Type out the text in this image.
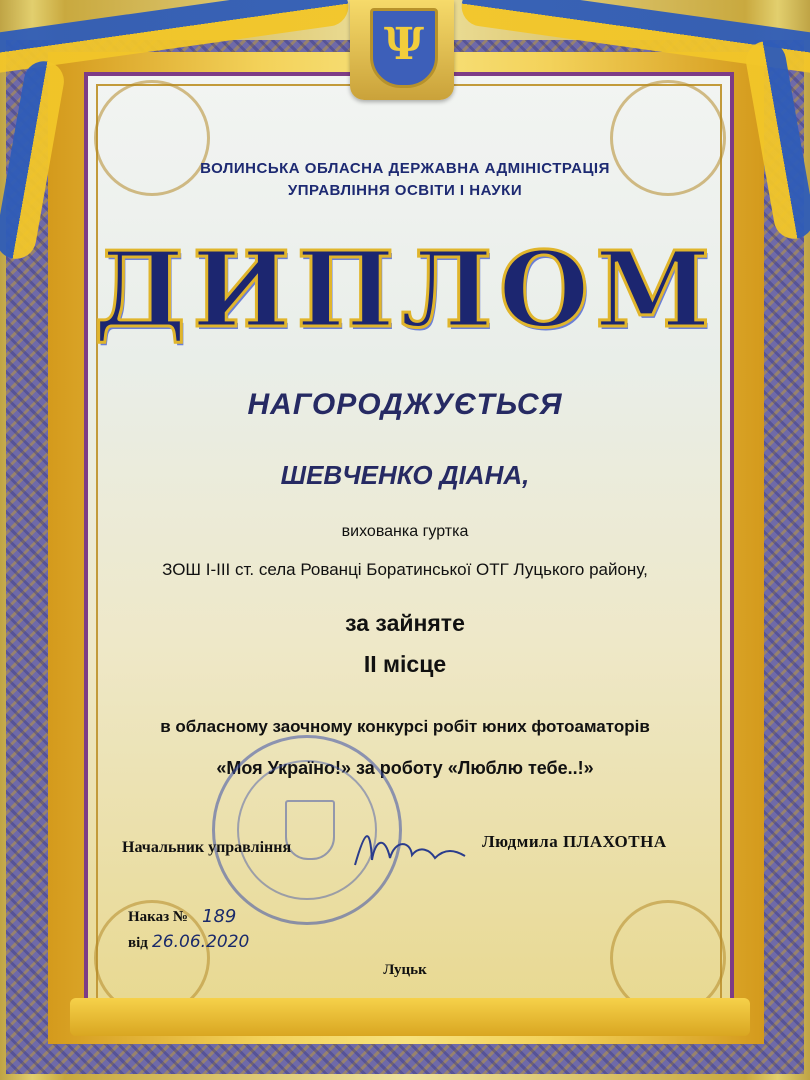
Ψ
ВОЛИНСЬКА ОБЛАСНА ДЕРЖАВНА АДМІНІСТРАЦІЯ
УПРАВЛІННЯ ОСВІТИ І НАУКИ
ДИПЛОМ
НАГОРОДЖУЄТЬСЯ
ШЕВЧЕНКО ДІАНА,
вихованка гуртка
ЗОШ І-ІІІ ст. села Рованці Боратинської ОТГ Луцького району,
за зайняте
ІІ місце
в обласному заочному конкурсі робіт юних фотоаматорів
«Моя Україно!» за роботу «Люблю тебе..!»
Начальник управління	Людмила ПЛАХОТНА
Наказ № 189
від 26.06.2020
Луцьк
